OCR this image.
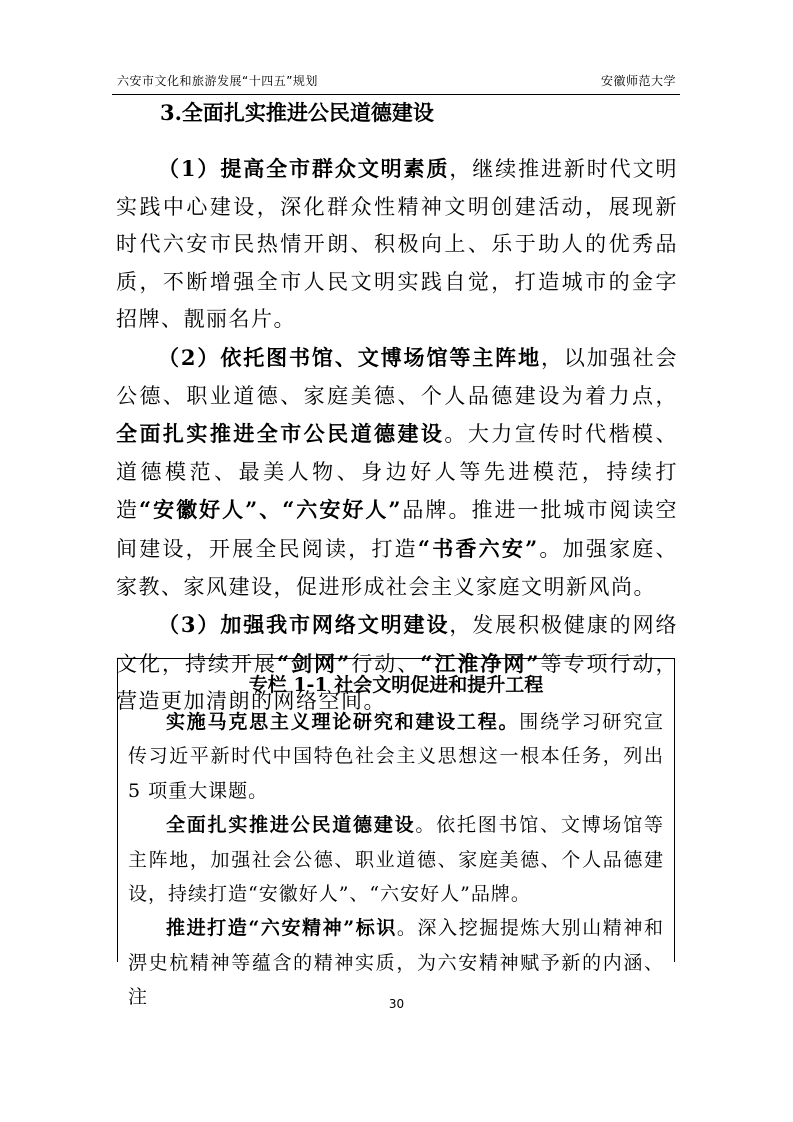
六安市文化和旅游发展“十四五”规划	安徽师范大学
3.全面扎实推进公民道德建设

（1）提高全市群众文明素质，继续推进新时代文明实践中心建设，深化群众性精神文明创建活动，展现新时代六安市民热情开朗、积极向上、乐于助人的优秀品质，不断增强全市人民文明实践自觉，打造城市的金字招牌、靓丽名片。

（2）依托图书馆、文博场馆等主阵地，以加强社会公德、职业道德、家庭美德、个人品德建设为着力点，全面扎实推进全市公民道德建设。大力宣传时代楷模、道德模范、最美人物、身边好人等先进模范，持续打造“安徽好人”、“六安好人”品牌。推进一批城市阅读空间建设，开展全民阅读，打造“书香六安”。加强家庭、家教、家风建设，促进形成社会主义家庭文明新风尚。

（3）加强我市网络文明建设，发展积极健康的网络文化，持续开展“剑网”行动、“江淮净网”等专项行动，营造更加清朗的网络空间。

专栏 1-1 社会文明促进和提升工程

实施马克思主义理论研究和建设工程。围绕学习研究宣传习近平新时代中国特色社会主义思想这一根本任务，列出 5 项重大课题。

全面扎实推进公民道德建设。依托图书馆、文博场馆等主阵地，加强社会公德、职业道德、家庭美德、个人品德建设，持续打造“安徽好人”、“六安好人”品牌。

推进打造“六安精神”标识。深入挖掘提炼大别山精神和淠史杭精神等蕴含的精神实质，为六安精神赋予新的内涵、注	30
